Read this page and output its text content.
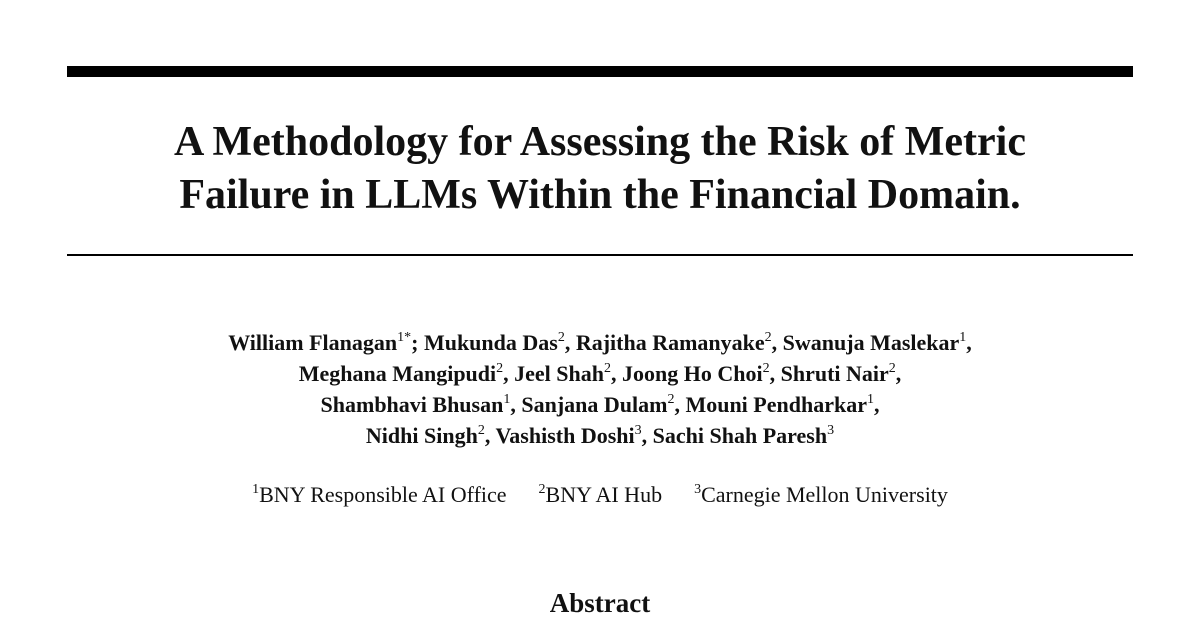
A Methodology for Assessing the Risk of Metric
Failure in LLMs Within the Financial Domain.
William Flanagan$^{1*}$; Mukunda Das$^2$, Rajitha Ramanyake$^2$, Swanuja Maslekar$^1$,
Meghana Mangipudi$^2$, Jeel Shah$^2$, Joong Ho Choi$^2$, Shruti Nair$^2$,
Shambhavi Bhusan$^1$, Sanjana Dulam$^2$, Mouni Pendharkar$^1$,
Nidhi Singh$^2$, Vashisth Doshi$^3$, Sachi Shah Paresh$^3$
$^1$BNY Responsible AI Office $^2$BNY AI Hub $^3$Carnegie Mellon University
Abstract
